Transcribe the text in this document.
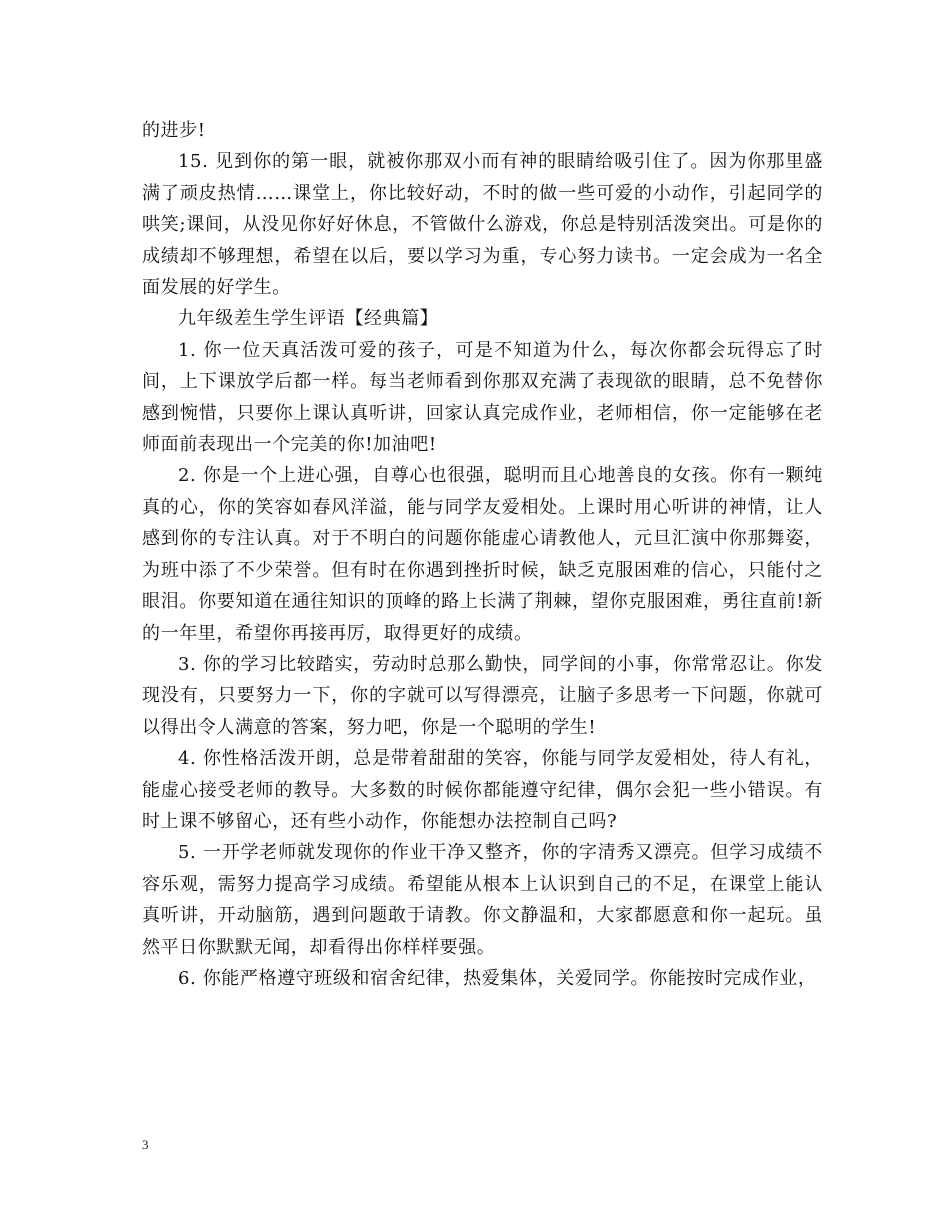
的进步!

15. 见到你的第一眼，就被你那双小而有神的眼睛给吸引住了。因为你那里盛满了顽皮热情……课堂上，你比较好动，不时的做一些可爱的小动作，引起同学的哄笑;课间，从没见你好好休息，不管做什么游戏，你总是特别活泼突出。可是你的成绩却不够理想，希望在以后，要以学习为重，专心努力读书。一定会成为一名全面发展的好学生。

九年级差生学生评语【经典篇】

1. 你一位天真活泼可爱的孩子，可是不知道为什么，每次你都会玩得忘了时间，上下课放学后都一样。每当老师看到你那双充满了表现欲的眼睛，总不免替你感到惋惜，只要你上课认真听讲，回家认真完成作业，老师相信，你一定能够在老师面前表现出一个完美的你!加油吧!

2. 你是一个上进心强，自尊心也很强，聪明而且心地善良的女孩。你有一颗纯真的心，你的笑容如春风洋溢，能与同学友爱相处。上课时用心听讲的神情，让人感到你的专注认真。对于不明白的问题你能虚心请教他人，元旦汇演中你那舞姿，为班中添了不少荣誉。但有时在你遇到挫折时候，缺乏克服困难的信心，只能付之眼泪。你要知道在通往知识的顶峰的路上长满了荆棘，望你克服困难，勇往直前!新的一年里，希望你再接再厉，取得更好的成绩。

3. 你的学习比较踏实，劳动时总那么勤快，同学间的小事，你常常忍让。你发现没有，只要努力一下，你的字就可以写得漂亮，让脑子多思考一下问题，你就可以得出令人满意的答案，努力吧，你是一个聪明的学生!

4. 你性格活泼开朗，总是带着甜甜的笑容，你能与同学友爱相处，待人有礼，能虚心接受老师的教导。大多数的时候你都能遵守纪律，偶尔会犯一些小错误。有时上课不够留心，还有些小动作，你能想办法控制自己吗?

5. 一开学老师就发现你的作业干净又整齐，你的字清秀又漂亮。但学习成绩不容乐观，需努力提高学习成绩。希望能从根本上认识到自己的不足，在课堂上能认真听讲，开动脑筋，遇到问题敢于请教。你文静温和，大家都愿意和你一起玩。虽然平日你默默无闻，却看得出你样样要强。

6. 你能严格遵守班级和宿舍纪律，热爱集体，关爱同学。你能按时完成作业，

3
